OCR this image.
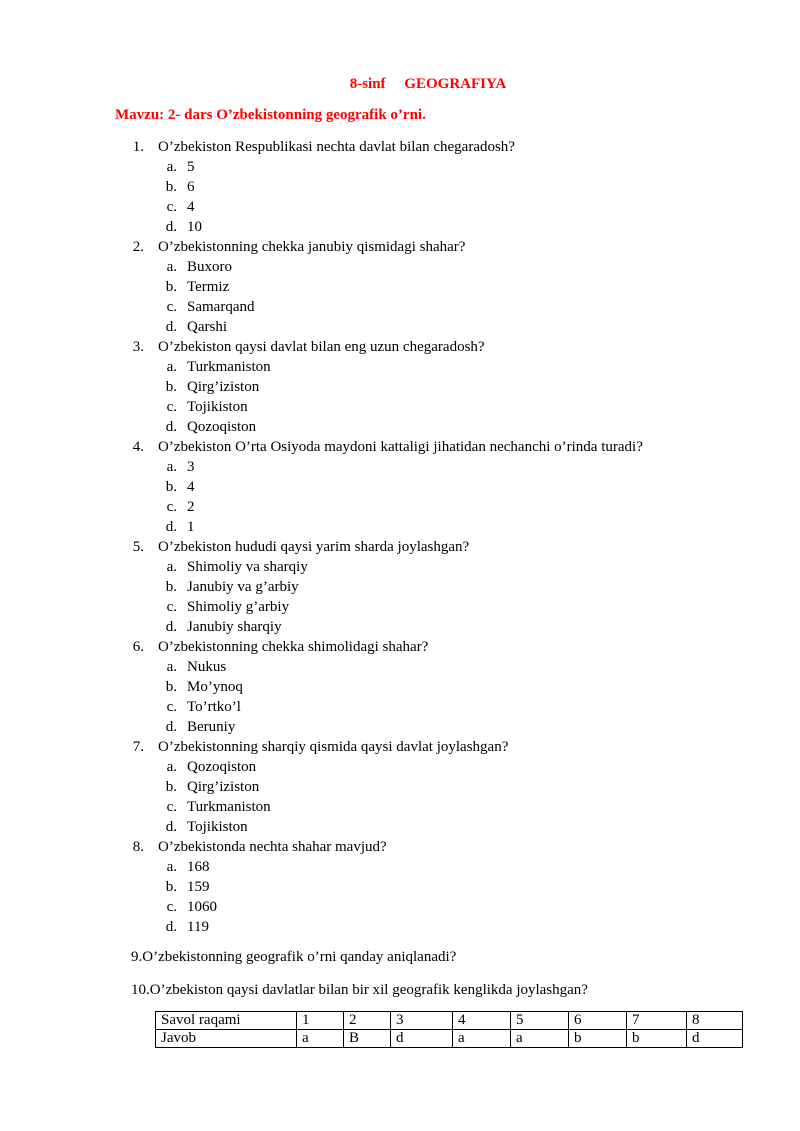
8-sinf     GEOGRAFIYA
Mavzu: 2- dars O’zbekistonning geografik o’rni.
1. O’zbekiston Respublikasi nechta davlat bilan chegaradosh?
a. 5
b. 6
c. 4
d. 10
2. O’zbekistonning chekka janubiy qismidagi shahar?
a. Buxoro
b. Termiz
c. Samarqand
d. Qarshi
3. O’zbekiston qaysi davlat bilan eng uzun chegaradosh?
a. Turkmaniston
b. Qirg’iziston
c. Tojikiston
d. Qozoqiston
4. O’zbekiston O’rta Osiyoda maydoni kattaligi jihatidan nechanchi o’rinda turadi?
a. 3
b. 4
c. 2
d. 1
5. O’zbekiston hududi qaysi yarim sharda joylashgan?
a. Shimoliy va sharqiy
b. Janubiy va g’arbiy
c. Shimoliy g’arbiy
d. Janubiy sharqiy
6. O’zbekistonning chekka shimolidagi shahar?
a. Nukus
b. Mo’ynoq
c. To’rtko’l
d. Beruniy
7. O’zbekistonning sharqiy qismida qaysi davlat joylashgan?
a. Qozoqiston
b. Qirg’iziston
c. Turkmaniston
d. Tojikiston
8. O’zbekistonda nechta shahar mavjud?
a. 168
b. 159
c. 1060
d. 119
9.O’zbekistonning geografik o’rni qanday aniqlanadi?
10.O’zbekiston qaysi davlatlar bilan bir xil geografik kenglikda joylashgan?
Savol raqami	1	2	3	4	5	6	7	8
Javob	a	B	d	a	a	b	b	d
